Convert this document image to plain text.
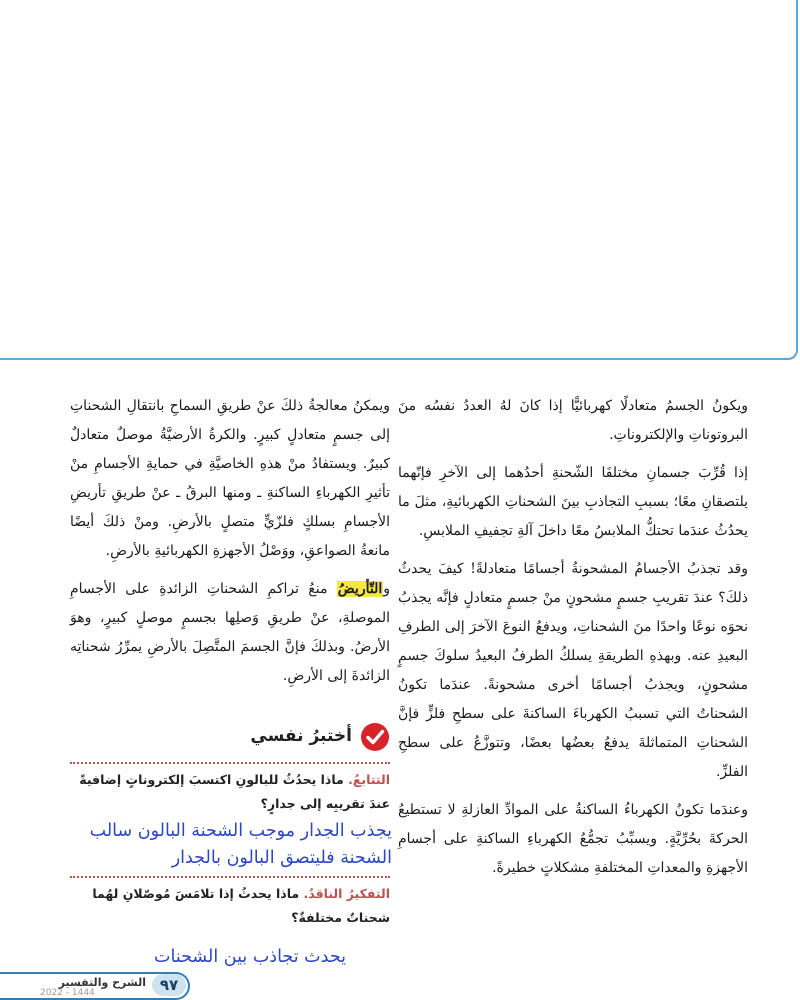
ويكونُ الجسمُ متعادلًا كهربائيًّا إذا كانَ لهُ العددُ نفسُه منَ البروتوناتِ والإلكتروناتِ.

إذا قُرِّبَ جسمانِ مختلفَا الشّحنةِ أحدُهما إلى الآخرِ فإنّهما يلتصقانِ معًا؛ بسببِ التجاذبِ بينَ الشحناتِ الكهربائيةِ، مثلَ ما يحدُثُ عندَما تحتكُّ الملابسُ معًا داخلَ آلةِ تجفيفِ الملابسِ.

وقد تجذبُ الأجسامُ المشحونةُ أجسامًا متعادلةً! كيفَ يحدثُ ذلكَ؟ عندَ تقريبِ جسمٍ مشحونٍ منْ جسمٍ متعادلٍ فإنَّه يجذبُ نحوَه نوعًا واحدًا منَ الشحناتِ، ويدفعُ النوعَ الآخرَ إلى الطرفِ البعيدِ عنه. وبهذهِ الطريقةِ يسلكُ الطرفُ البعيدُ سلوكَ جسمٍ مشحونٍ، ويجذبُ أجسامًا أخرى مشحونةً. عندَما تكونُ الشحناتُ التي تسببُ الكهرباءَ الساكنةَ على سطحِ فلزٍّ فإنَّ الشحناتِ المتماثلةَ يدفعُ بعضُها بعضًا، وتتوزَّعُ على سطحِ الفلزِّ.

وعندَما تكونُ الكهرباءُ الساكنةُ على الموادِّ العازلةِ لا تستطيعُ الحركةَ بحُرِّيَّةٍ. ويسبِّبُ تجمُّعُ الكهرباءِ الساكنةِ على أجسامِ الأجهزةِ والمعداتِ المختلفةِ مشكلاتٍ خطيرةً.

ويمكنُ معالجةُ ذلكَ عنْ طريقِ السماحِ بانتقالِ الشحناتِ إلى جسمٍ متعادلٍ كبيرٍ. والكرةُ الأرضيَّةُ موصلٌ متعادلٌ كبيرٌ. ويستفادُ منْ هذهِ الخاصيَّةِ في حمايةِ الأجسامِ منْ تأثيرِ الكهرباءِ الساكنةِ ـ ومنها البرقُ ـ عنْ طريقِ تأريضِ الأجسامِ بسلكٍ فلزّيٍّ متصلٍ بالأرضِ. ومنْ ذلكَ أيضًا مانعةُ الصواعقِ، ووَصْلُ الأجهزةِ الكهربائيةِ بالأرضِ.

والتّأريضُ منعُ تراكمِ الشحناتِ الزائدةِ على الأجسامِ الموصلةِ، عنْ طريقِ وَصلِها بجسمٍ موصلٍ كبيرٍ، وهوَ الأرضُ. وبذلكَ فإنَّ الجسمَ المتَّصِلَ بالأرضِ يمرِّرُ شحناتِه الزائدةَ إلى الأرضِ.

أختبرُ نفسي
التتابعُ. ماذا يحدُثُ للبالونِ اكتسبَ إلكتروناتٍ إضافيةً عندَ تقريبِه إلى جدارٍ؟
يجذب الجدار موجب الشحنة البالون سالب الشحنة فليتصق البالون بالجدار
التفكيرُ الناقدُ. ماذا يحدثُ إذا تلامَسَ مُوصّلانِ لهُما شحناتٌ مختلفةٌ؟
يحدث تجاذب بين الشحنات
الشرح والتفسير
2022 - 1444	٩٧
